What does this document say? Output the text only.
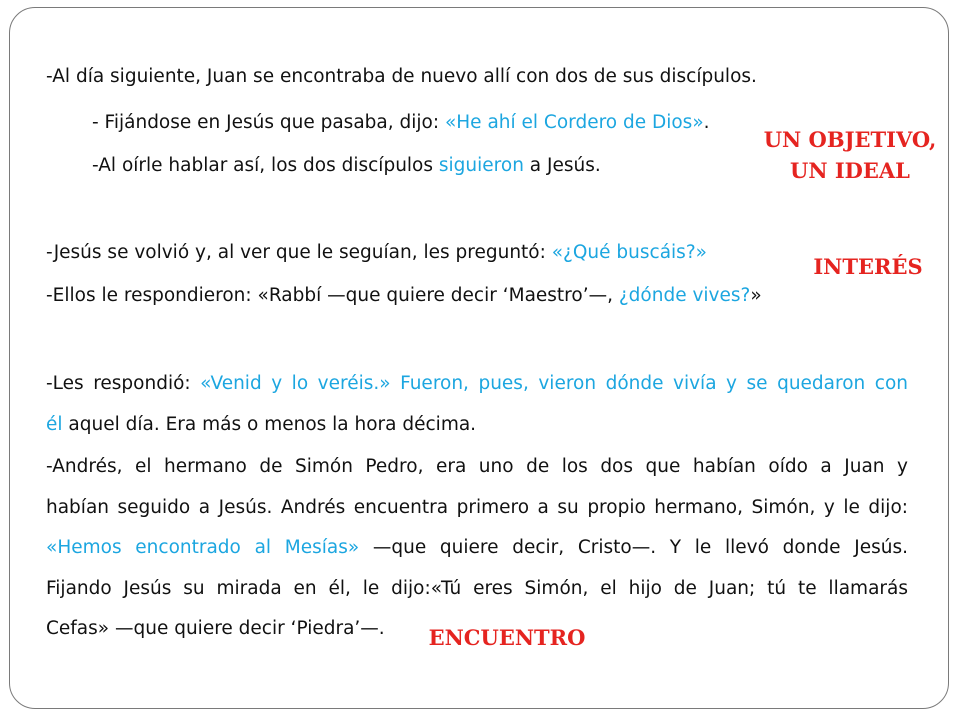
-Al día siguiente, Juan se encontraba de nuevo allí con dos de sus discípulos.
- Fijándose en Jesús que pasaba, dijo: «He ahí el Cordero de Dios».
-Al oírle hablar así, los dos discípulos siguieron a Jesús.
-Jesús se volvió y, al ver que le seguían, les preguntó: «¿Qué buscáis?»
-Ellos le respondieron: «Rabbí —que quiere decir ‘Maestro’—, ¿dónde vives?»
-Les respondió: «Venid y lo veréis.» Fueron, pues, vieron dónde vivía y se quedaron con
él aquel día. Era más o menos la hora décima.
-Andrés, el hermano de Simón Pedro, era uno de los dos que habían oído a Juan y
habían seguido a Jesús. Andrés encuentra primero a su propio hermano, Simón, y le dijo:
«Hemos encontrado al Mesías» —que quiere decir, Cristo—. Y le llevó donde Jesús.
Fijando Jesús su mirada en él, le dijo:«Tú eres Simón, el hijo de Juan; tú te llamarás
Cefas» —que quiere decir ‘Piedra’—.
UN OBJETIVO,
UN IDEAL
INTERÉS
ENCUENTRO
